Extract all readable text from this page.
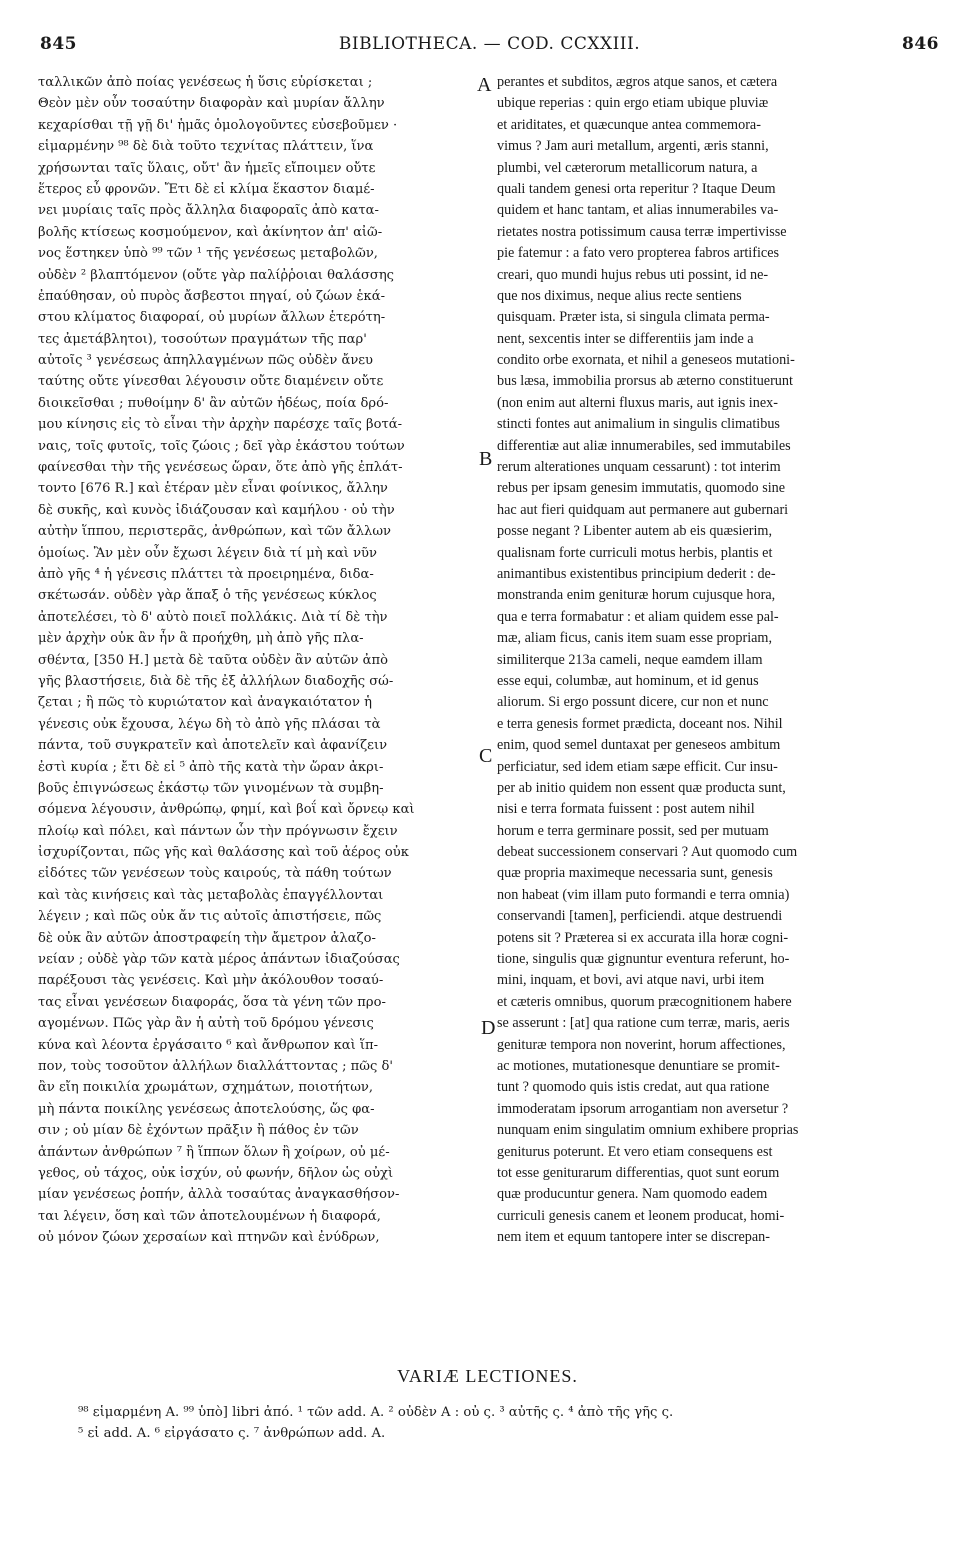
845	BIBLIOTHECA. — COD. CCXXIII.	846
ταλλικῶν ἀπὸ ποίας γενέσεως ἡ ὕσις εὑρίσκεται ;
Θεὸν μὲν οὖν τοσαύτην διαφορὰν καὶ μυρίαν ἄλλην
κεχαρίσθαι τῇ γῇ δι' ἡμᾶς ὁμολογοῦντες εὐσεβοῦμεν ·
εἱμαρμένην ⁹⁸ δὲ διὰ τοῦτο τεχνίτας πλάττειν, ἵνα
χρήσωνται ταῖς ὕλαις, οὔτ' ἂν ἡμεῖς εἴποιμεν οὔτε
ἕτερος εὖ φρονῶν. Ἔτι δὲ εἰ κλίμα ἕκαστον διαμέ-
νει μυρίαις ταῖς πρὸς ἄλληλα διαφοραῖς ἀπὸ κατα-
βολῆς κτίσεως κοσμούμενον, καὶ ἀκίνητον ἀπ' αἰῶ-
νος ἕστηκεν ὑπὸ ⁹⁹ τῶν ¹ τῆς γενέσεως μεταβολῶν,
οὐδὲν ² βλαπτόμενον (οὔτε γὰρ παλίῤῥοιαι θαλάσσης
ἐπαύθησαν, οὐ πυρὸς ἄσβεστοι πηγαί, οὐ ζώων ἑκά-
στου κλίματος διαφοραί, οὐ μυρίων ἄλλων ἑτερότη-
τες ἀμετάβλητοι), τοσούτων πραγμάτων τῆς παρ'
αὐτοῖς ³ γενέσεως ἀπηλλαγμένων πῶς οὐδὲν ἄνευ
ταύτης οὔτε γίνεσθαι λέγουσιν οὔτε διαμένειν οὔτε
διοικεῖσθαι ; πυθοίμην δ' ἂν αὐτῶν ἡδέως, ποία δρό-
μου κίνησις εἰς τὸ εἶναι τὴν ἀρχὴν παρέσχε ταῖς βοτά-
ναις, τοῖς φυτοῖς, τοῖς ζώοις ; δεῖ γὰρ ἑκάστου τούτων
φαίνεσθαι τὴν τῆς γενέσεως ὥραν, ὅτε ἀπὸ γῆς ἐπλάτ-
τοντο [676 R.] καὶ ἑτέραν μὲν εἶναι φοίνικος, ἄλλην
δὲ συκῆς, καὶ κυνὸς ἰδιάζουσαν καὶ καμήλου · οὐ τὴν
αὐτὴν ἵππου, περιστερᾶς, ἀνθρώπων, καὶ τῶν ἄλλων
ὁμοίως. Ἂν μὲν οὖν ἔχωσι λέγειν διὰ τί μὴ καὶ νῦν
ἀπὸ γῆς ⁴ ἡ γένεσις πλάττει τὰ προειρημένα, διδα-
σκέτωσάν. οὐδὲν γὰρ ἅπαξ ὁ τῆς γενέσεως κύκλος
ἀποτελέσει, τὸ δ' αὐτὸ ποιεῖ πολλάκις. Διὰ τί δὲ τὴν
μὲν ἀρχὴν οὐκ ἂν ἦν ἃ προήχθη, μὴ ἀπὸ γῆς πλα-
σθέντα, [350 H.] μετὰ δὲ ταῦτα οὐδὲν ἂν αὐτῶν ἀπὸ
γῆς βλαστήσειε, διὰ δὲ τῆς ἐξ ἀλλήλων διαδοχῆς σώ-
ζεται ; ἢ πῶς τὸ κυριώτατον καὶ ἀναγκαιότατον ἡ
γένεσις οὐκ ἔχουσα, λέγω δὴ τὸ ἀπὸ γῆς πλάσαι τὰ
πάντα, τοῦ συγκρατεῖν καὶ ἀποτελεῖν καὶ ἀφανίζειν
ἐστὶ κυρία ; ἔτι δὲ εἰ ⁵ ἀπὸ τῆς κατὰ τὴν ὥραν ἀκρι-
βοῦς ἐπιγνώσεως ἑκάστῳ τῶν γινομένων τὰ συμβη-
σόμενα λέγουσιν, ἀνθρώπῳ, φημί, καὶ βοΐ καὶ ὄρνεῳ καὶ
πλοίῳ καὶ πόλει, καὶ πάντων ὧν τὴν πρόγνωσιν ἔχειν
ἰσχυρίζονται, πῶς γῆς καὶ θαλάσσης καὶ τοῦ ἀέρος οὐκ
εἰδότες τῶν γενέσεων τοὺς καιρούς, τὰ πάθη τούτων
καὶ τὰς κινήσεις καὶ τὰς μεταβολὰς ἐπαγγέλλονται
λέγειν ; καὶ πῶς οὐκ ἄν τις αὐτοῖς ἀπιστήσειε, πῶς
δὲ οὐκ ἂν αὐτῶν ἀποστραφείη τὴν ἄμετρον ἀλαζο-
νείαν ; οὐδὲ γὰρ τῶν κατὰ μέρος ἁπάντων ἰδιαζούσας
παρέξουσι τὰς γενέσεις. Καὶ μὴν ἀκόλουθον τοσαύ-
τας εἶναι γενέσεων διαφοράς, ὅσα τὰ γένη τῶν προ-
αγομένων. Πῶς γὰρ ἂν ἡ αὐτὴ τοῦ δρόμου γένεσις
κύνα καὶ λέοντα ἐργάσαιτο ⁶ καὶ ἄνθρωπον καὶ ἵπ-
πον, τοὺς τοσοῦτον ἀλλήλων διαλλάττοντας ; πῶς δ'
ἂν εἴη ποικιλία χρωμάτων, σχημάτων, ποιοτήτων,
μὴ πάντα ποικίλης γενέσεως ἀποτελούσης, ὥς φα-
σιν ; οὐ μίαν δὲ ἐχόντων πρᾶξιν ἢ πάθος ἐν τῶν
ἁπάντων ἀνθρώπων ⁷ ἢ ἵππων ὅλων ἢ χοίρων, οὐ μέ-
γεθος, οὐ τάχος, οὐκ ἰσχύν, οὐ φωνήν, δῆλον ὡς οὐχὶ
μίαν γενέσεως ῥοπήν, ἀλλὰ τοσαύτας ἀναγκασθήσον-
ται λέγειν, ὅση καὶ τῶν ἀποτελουμένων ἡ διαφορά,
οὐ μόνον ζώων χερσαίων καὶ πτηνῶν καὶ ἐνύδρων,
perantes et subditos, ægros atque sanos, et cætera
ubique reperias : quin ergo etiam ubique pluviæ
et ariditates, et quæcunque antea commemora-
vimus ? Jam auri metallum, argenti, æris stanni,
plumbi, vel cæterorum metallicorum natura, a
quali tandem genesi orta reperitur ? Itaque Deum
quidem et hanc tantam, et alias innumerabiles va-
rietates nostra potissimum causa terræ impertivisse
pie fatemur : a fato vero propterea fabros artifices
creari, quo mundi hujus rebus uti possint, id ne-
que nos diximus, neque alius recte sentiens
quisquam. Præter ista, si singula climata perma-
nent, sexcentis inter se differentiis jam inde a
condito orbe exornata, et nihil a geneseos mutationi-
bus læsa, immobilia prorsus ab æterno constituerunt
(non enim aut alterni fluxus maris, aut ignis inex-
stincti fontes aut animalium in singulis climatibus
differentiæ aut aliæ innumerabiles, sed immutabiles
rerum alterationes unquam cessarunt) : tot interim
rebus per ipsam genesim immutatis, quomodo sine
hac aut fieri quidquam aut permanere aut gubernari
posse negant ? Libenter autem ab eis quæsierim,
qualisnam forte curriculi motus herbis, plantis et
animantibus existentibus principium dederit : de-
monstranda enim genituræ horum cujusque hora,
qua e terra formabatur : et aliam quidem esse pal-
mæ, aliam ficus, canis item suam esse propriam,
similiterque 213a cameli, neque eamdem illam
esse equi, columbæ, aut hominum, et id genus
aliorum. Si ergo possunt dicere, cur non et nunc
e terra genesis formet prædicta, doceant nos. Nihil
enim, quod semel duntaxat per geneseos ambitum
perficiatur, sed idem etiam sæpe efficit. Cur insu-
per ab initio quidem non essent quæ producta sunt,
nisi e terra formata fuissent : post autem nihil
horum e terra germinare possit, sed per mutuam
debeat successionem conservari ? Aut quomodo cum
quæ propria maximeque necessaria sunt, genesis
non habeat (vim illam puto formandi e terra omnia)
conservandi [tamen], perficiendi. atque destruendi
potens sit ? Præterea si ex accurata illa horæ cogni-
tione, singulis quæ gignuntur eventura referunt, ho-
mini, inquam, et bovi, avi atque navi, urbi item
et cæteris omnibus, quorum præcognitionem habere
se asserunt : [at] qua ratione cum terræ, maris, aeris
genituræ tempora non noverint, horum affectiones,
ac motiones, mutationesque denuntiare se promit-
tunt ? quomodo quis istis credat, aut qua ratione
immoderatam ipsorum arrogantiam non aversetur ?
nunquam enim singulatim omnium exhibere proprias
geniturus poterunt. Et vero etiam consequens est
tot esse geniturarum differentias, quot sunt eorum
quæ producuntur genera. Nam quomodo eadem
curriculi genesis canem et leonem producat, homi-
nem item et equum tantopere inter se discrepan-
A
B
C
D
VARIÆ LECTIONES.
⁹⁸ εἱμαρμένη A. ⁹⁹ ὑπὸ] libri ἀπό. ¹ τῶν add. A. ² οὐδὲν A : οὐ ς. ³ αὐτῆς ς. ⁴ ἀπὸ τῆς γῆς ς.
⁵ εἰ add. A. ⁶ εἰργάσατο ς. ⁷ ἀνθρώπων add. A.
